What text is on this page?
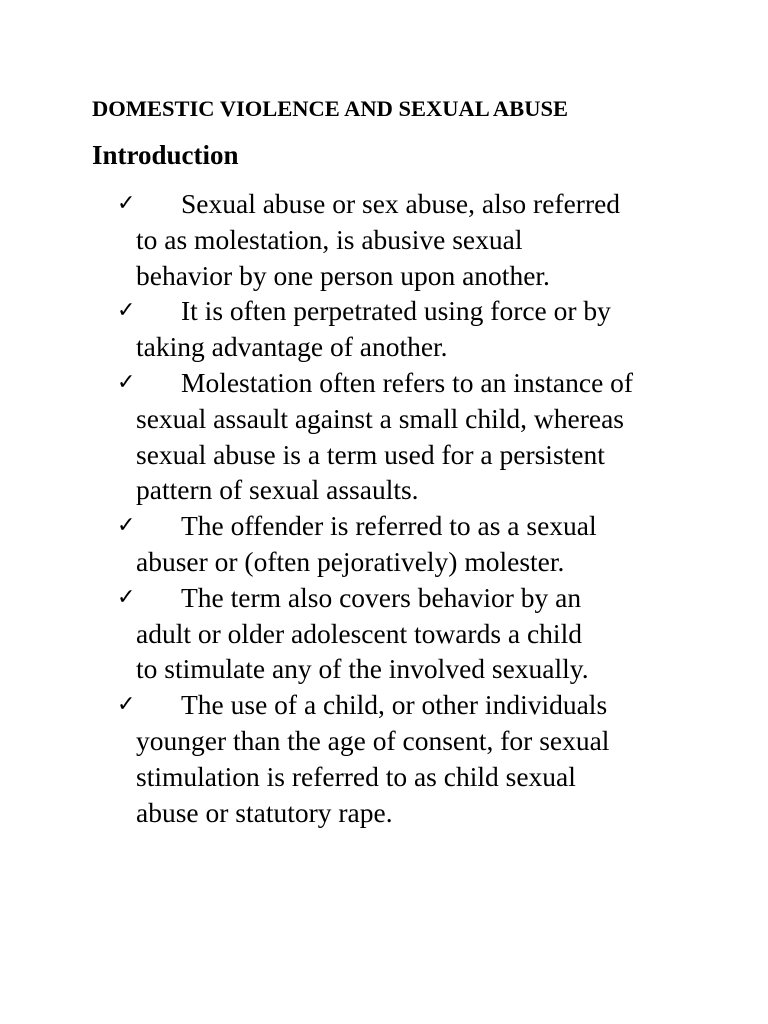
DOMESTIC VIOLENCE AND SEXUAL ABUSE
Introduction
✓	Sexual abuse or sex abuse, also referred
to as molestation, is abusive sexual
behavior by one person upon another.
✓	It is often perpetrated using force or by
taking advantage of another.
✓	Molestation often refers to an instance of
sexual assault against a small child, whereas
sexual abuse is a term used for a persistent
pattern of sexual assaults.
✓	The offender is referred to as a sexual
abuser or (often pejoratively) molester.
✓	The term also covers behavior by an
adult or older adolescent towards a child
to stimulate any of the involved sexually.
✓	The use of a child, or other individuals
younger than the age of consent, for sexual
stimulation is referred to as child sexual
abuse or statutory rape.
